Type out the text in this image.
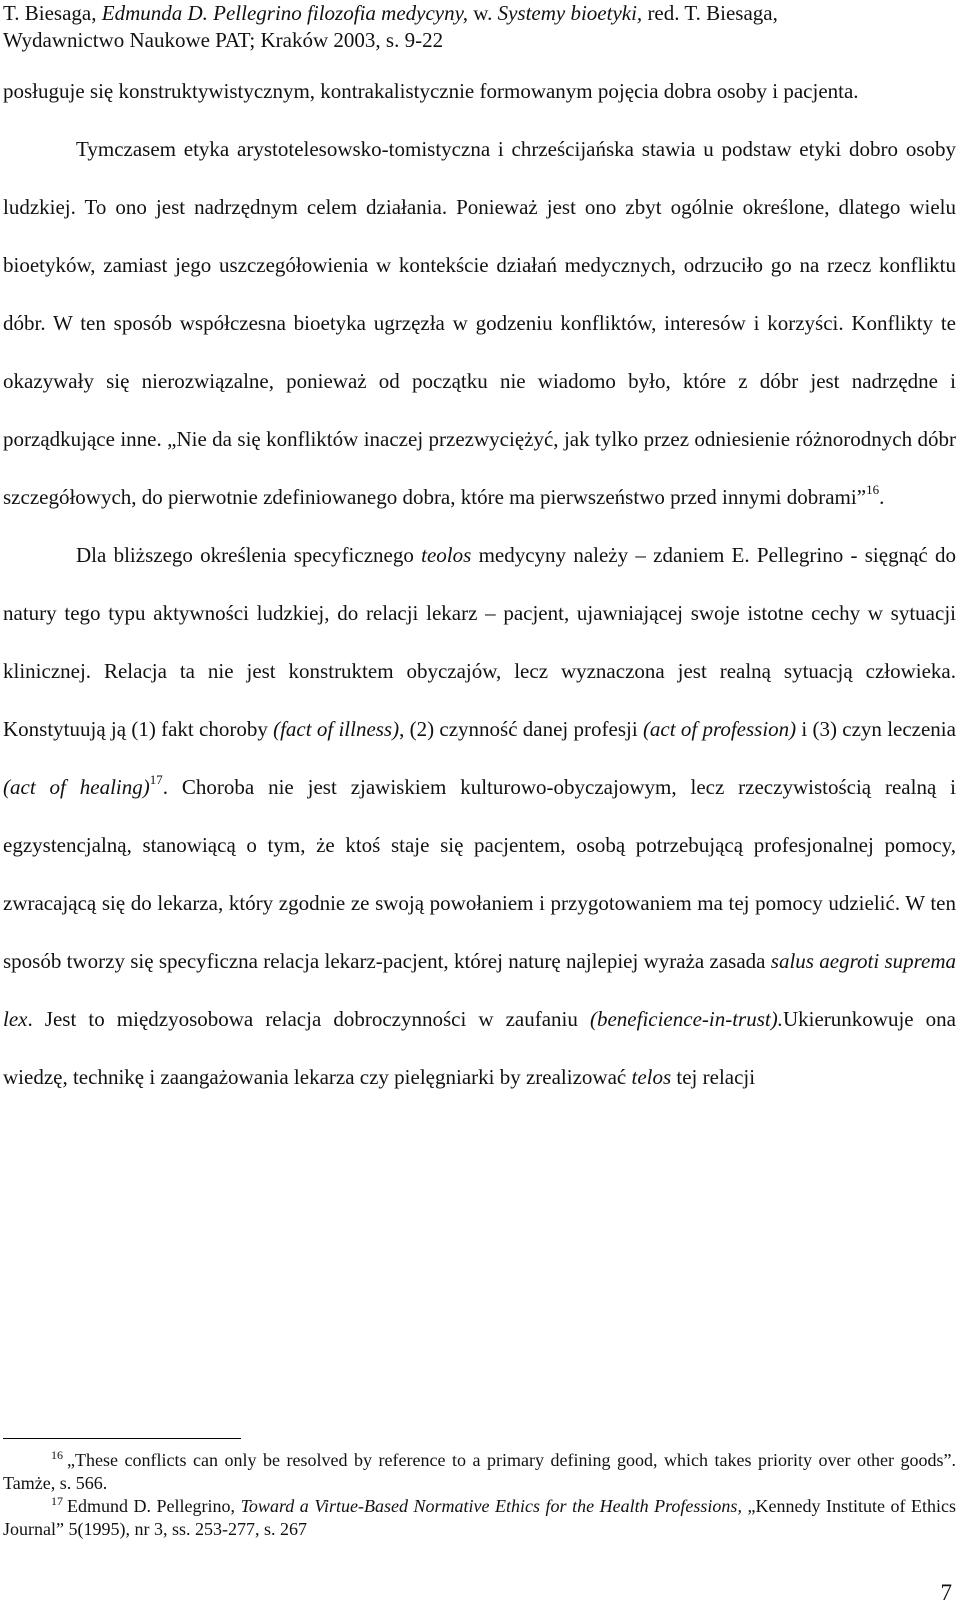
T. Biesaga, Edmunda D. Pellegrino filozofia medycyny, w. Systemy bioetyki, red. T. Biesaga,
Wydawnictwo Naukowe PAT; Kraków 2003, s. 9-22

posługuje się konstruktywistycznym, kontrakalistycznie formowanym pojęcia dobra osoby i pacjenta.

Tymczasem etyka arystotelesowsko-tomistyczna i chrześcijańska stawia u podstaw etyki dobro osoby ludzkiej. To ono jest nadrzędnym celem działania. Ponieważ jest ono zbyt ogólnie określone, dlatego wielu bioetyków, zamiast jego uszczegółowienia w kontekście działań medycznych, odrzuciło go na rzecz konfliktu dóbr. W ten sposób współczesna bioetyka ugrzęzła w godzeniu konfliktów, interesów i korzyści. Konflikty te okazywały się nierozwiązalne, ponieważ od początku nie wiadomo było, które z dóbr jest nadrzędne i porządkujące inne. „Nie da się konfliktów inaczej przezwyciężyć, jak tylko przez odniesienie różnorodnych dóbr szczegółowych, do pierwotnie zdefiniowanego dobra, które ma pierwszeństwo przed innymi dobrami”$^{16}$.

Dla bliższego określenia specyficznego teolos medycyny należy – zdaniem E. Pellegrino - sięgnąć do natury tego typu aktywności ludzkiej, do relacji lekarz – pacjent, ujawniającej swoje istotne cechy w sytuacji klinicznej. Relacja ta nie jest konstruktem obyczajów, lecz wyznaczona jest realną sytuacją człowieka. Konstytuują ją (1) fakt choroby (fact of illness), (2) czynność danej profesji (act of profession) i (3) czyn leczenia (act of healing)$^{17}$. Choroba nie jest zjawiskiem kulturowo-obyczajowym, lecz rzeczywistością realną i egzystencjalną, stanowiącą o tym, że ktoś staje się pacjentem, osobą potrzebującą profesjonalnej pomocy, zwracającą się do lekarza, który zgodnie ze swoją powołaniem i przygotowaniem ma tej pomocy udzielić. W ten sposób tworzy się specyficzna relacja lekarz-pacjent, której naturę najlepiej wyraża zasada salus aegroti suprema lex. Jest to międzyosobowa relacja dobroczynności w zaufaniu (beneficience-in-trust).Ukierunkowuje ona wiedzę, technikę i zaangażowania lekarza czy pielęgniarki by zrealizować telos tej relacji

$^{16}$ „These conflicts can only be resolved by reference to a primary defining good, which takes priority over other goods”. Tamże, s. 566.

$^{17}$ Edmund D. Pellegrino, Toward a Virtue-Based Normative Ethics for the Health Professions, „Kennedy Institute of Ethics Journal” 5(1995), nr 3, ss. 253-277, s. 267

7
